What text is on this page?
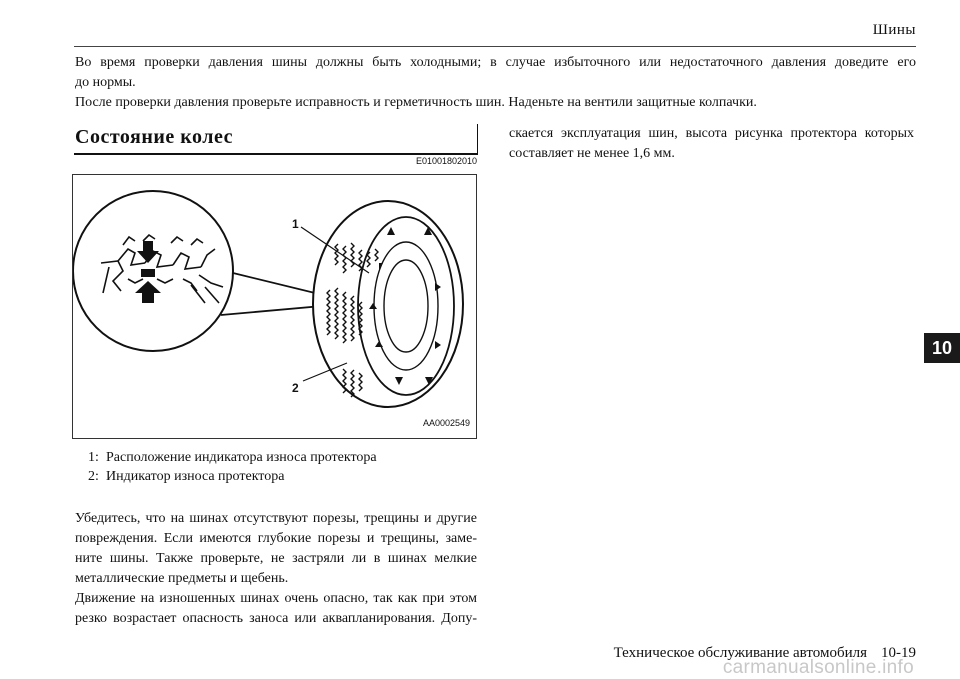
Шины

Во время проверки давления шины должны быть холодными; в случае избыточного или недостаточного давления доведите его

до нормы.

После проверки давления проверьте исправность и герметичность шин. Наденьте на вентили защитные колпачки.

Состояние колес
E01001802010
1
2
AA0002549
1: Расположение индикатора износа протектора
2: Индикатор износа протектора

Убедитесь, что на шинах отсутствуют порезы, трещины и другие

повреждения. Если имеются глубокие порезы и трещины, заме-

ните шины. Также проверьте, не застряли ли в шинах мелкие

металлические предметы и щебень.

Движение на изношенных шинах очень опасно, так как при этом

резко возрастает опасность заноса или аквапланирования. Допу-

скается эксплуатация шин, высота рисунка протектора которых составляет не менее 1,6 мм.

10
Техническое обслуживание автомобиля 10-19
carmanualsonline.info
